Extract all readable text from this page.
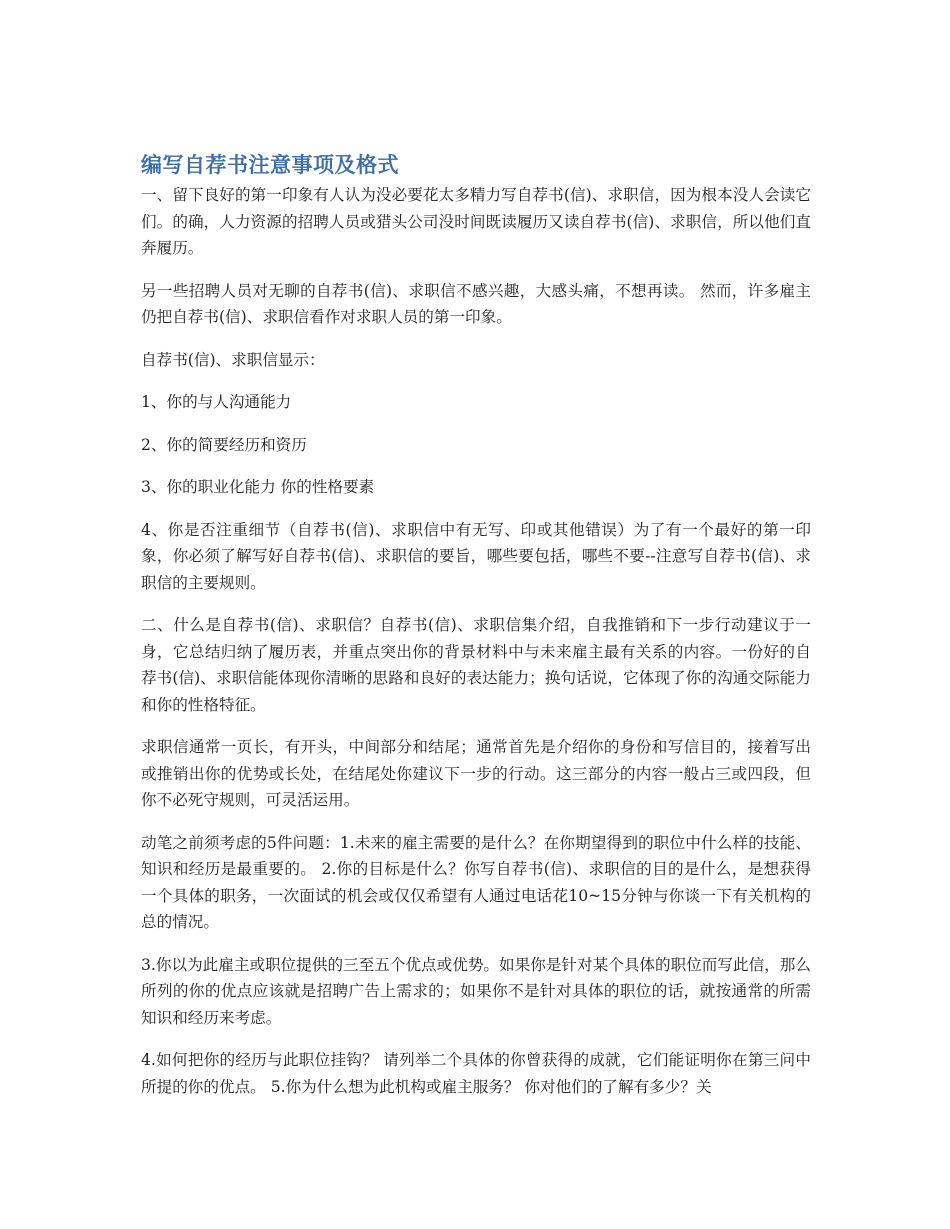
编写自荐书注意事项及格式

一、留下良好的第一印象有人认为没必要花太多精力写自荐书(信)、求职信，因为根本没人会读它们。的确，人力资源的招聘人员或猎头公司没时间既读履历又读自荐书(信)、求职信，所以他们直奔履历。

另一些招聘人员对无聊的自荐书(信)、求职信不感兴趣，大感头痛，不想再读。 然而，许多雇主仍把自荐书(信)、求职信看作对求职人员的第一印象。

自荐书(信)、求职信显示：

1、你的与人沟通能力

2、你的简要经历和资历

3、你的职业化能力 你的性格要素

4、你是否注重细节（自荐书(信)、求职信中有无写、印或其他错误）为了有一个最好的第一印象，你必须了解写好自荐书(信)、求职信的要旨，哪些要包括，哪些不要--注意写自荐书(信)、求职信的主要规则。

二、什么是自荐书(信)、求职信？自荐书(信)、求职信集介绍，自我推销和下一步行动建议于一身，它总结归纳了履历表，并重点突出你的背景材料中与未来雇主最有关系的内容。一份好的自荐书(信)、求职信能体现你清晰的思路和良好的表达能力；换句话说，它体现了你的沟通交际能力和你的性格特征。

求职信通常一页长，有开头，中间部分和结尾；通常首先是介绍你的身份和写信目的，接着写出或推销出你的优势或长处，在结尾处你建议下一步的行动。这三部分的内容一般占三或四段，但你不必死守规则，可灵活运用。

动笔之前须考虑的5件问题：1.未来的雇主需要的是什么？在你期望得到的职位中什么样的技能、知识和经历是最重要的。 2.你的目标是什么？你写自荐书(信)、求职信的目的是什么，是想获得一个具体的职务，一次面试的机会或仅仅希望有人通过电话花10~15分钟与你谈一下有关机构的总的情况。

3.你以为此雇主或职位提供的三至五个优点或优势。如果你是针对某个具体的职位而写此信，那么所列的你的优点应该就是招聘广告上需求的；如果你不是针对具体的职位的话，就按通常的所需知识和经历来考虑。

4.如何把你的经历与此职位挂钩？ 请列举二个具体的你曾获得的成就，它们能证明你在第三问中所提的你的优点。 5.你为什么想为此机构或雇主服务？ 你对他们的了解有多少？关
